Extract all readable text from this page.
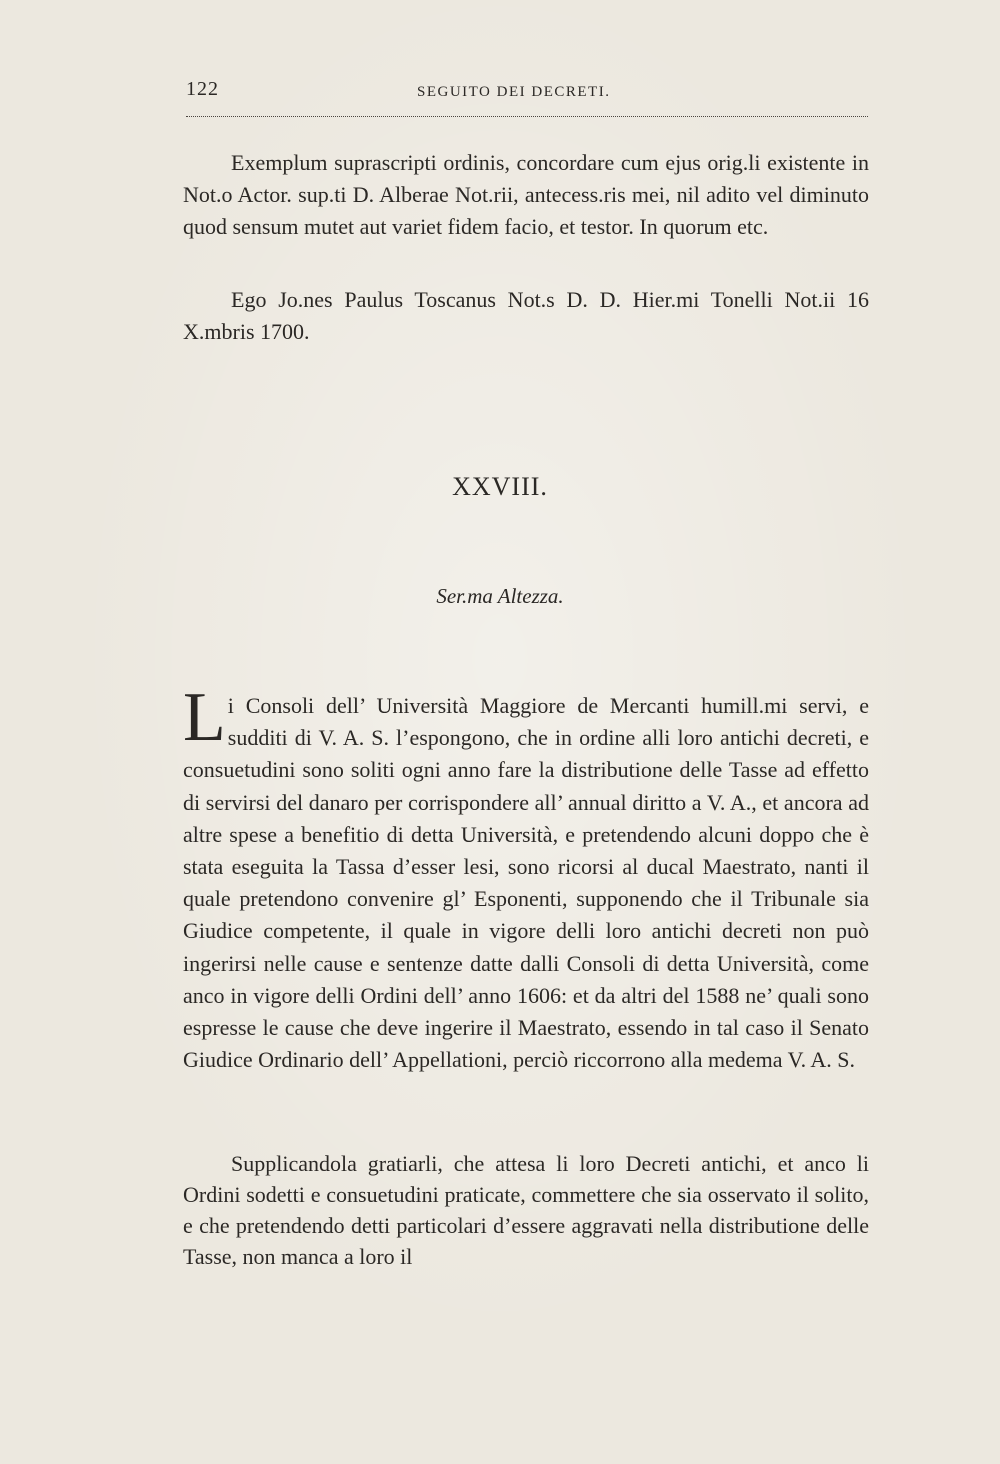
122	SEGUITO DEI DECRETI.

Exemplum suprascripti ordinis, concordare cum ejus orig.li existente in Not.o Actor. sup.ti D. Alberae Not.rii, antecess.ris mei, nil adito vel diminuto quod sensum mutet aut variet fidem facio, et testor. In quorum etc.

Ego Jo.nes Paulus Toscanus Not.s D. D. Hier.mi Tonelli Not.ii 16 X.mbris 1700.

XXVIII.
Ser.ma Altezza.

Li Consoli dell’ Università Maggiore de Mercanti humill.mi servi, e sudditi di V. A. S. l’espongono, che in ordine alli loro antichi decreti, e consuetudini sono soliti ogni anno fare la distributione delle Tasse ad effetto di servirsi del danaro per corrispondere all’ annual diritto a V. A., et ancora ad altre spese a benefitio di detta Università, e pretendendo alcuni doppo che è stata eseguita la Tassa d’esser lesi, sono ricorsi al ducal Maestrato, nanti il quale pretendono convenire gl’ Esponenti, supponendo che il Tribunale sia Giudice competente, il quale in vigore delli loro antichi decreti non può ingerirsi nelle cause e sentenze datte dalli Consoli di detta Università, come anco in vigore delli Ordini dell’ anno 1606: et da altri del 1588 ne’ quali sono espresse le cause che deve ingerire il Maestrato, essendo in tal caso il Senato Giudice Ordinario dell’ Appellationi, perciò riccorrono alla medema V. A. S.

Supplicandola gratiarli, che attesa li loro Decreti antichi, et anco li Ordini sodetti e consuetudini praticate, commettere che sia osservato il solito, e che pretendendo detti particolari d’essere aggravati nella distributione delle Tasse, non manca a loro il
